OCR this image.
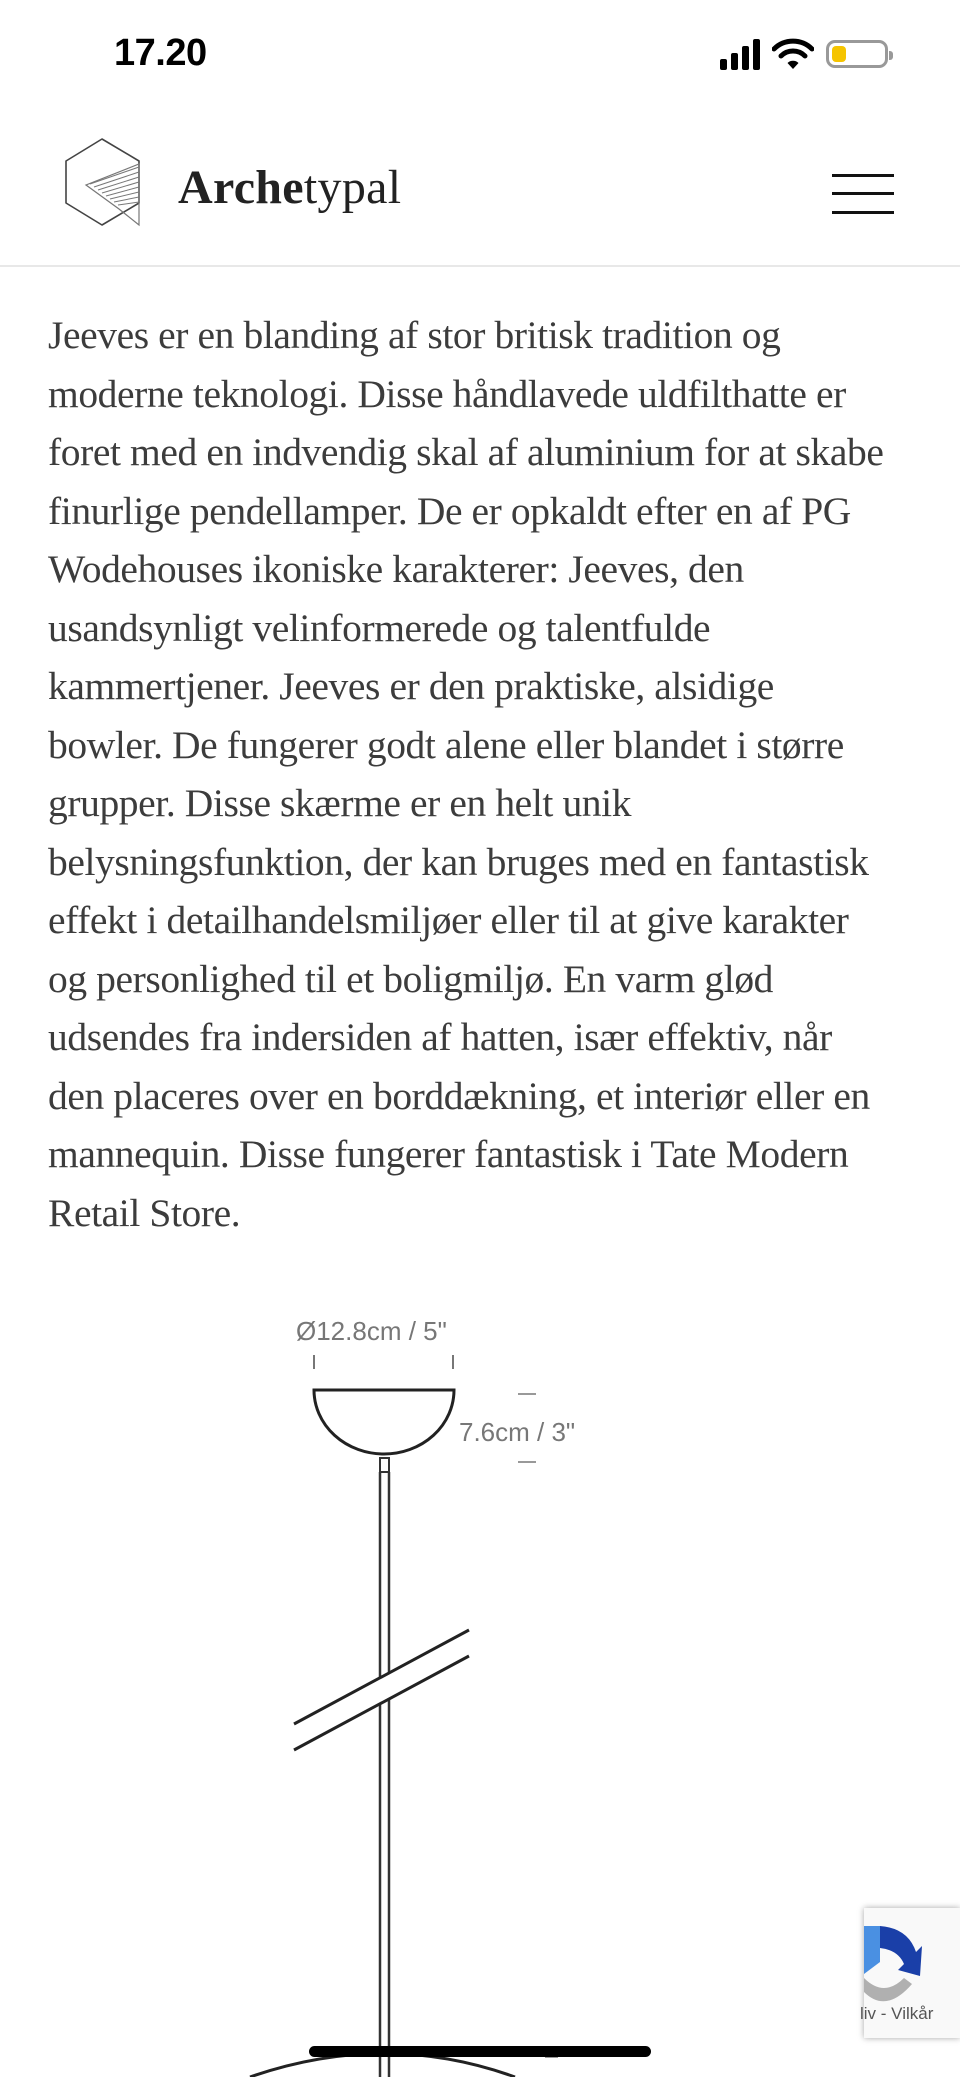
17.20
Archetypal

Jeeves er en blanding af stor britisk tradition og moderne teknologi. Disse håndlavede uldfilthatte er foret med en indvendig skal af aluminium for at skabe finurlige pendellamper. De er opkaldt efter en af PG Wodehouses ikoniske karakterer: Jeeves, den usandsynligt velinformerede og talentfulde kammertjener. Jeeves er den praktiske, alsidige bowler. De fungerer godt alene eller blandet i større grupper. Disse skærme er en helt unik belysningsfunktion, der kan bruges med en fantastisk effekt i detailhandelsmiljøer eller til at give karakter og personlighed til et boligmiljø. En varm glød udsendes fra indersiden af hatten, især effektiv, når den placeres over en borddækning, et interiør eller en mannequin. Disse fungerer fantastisk i Tate Modern Retail Store.

Ø12.8cm / 5"
7.6cm / 3"
liv - Vilkår
